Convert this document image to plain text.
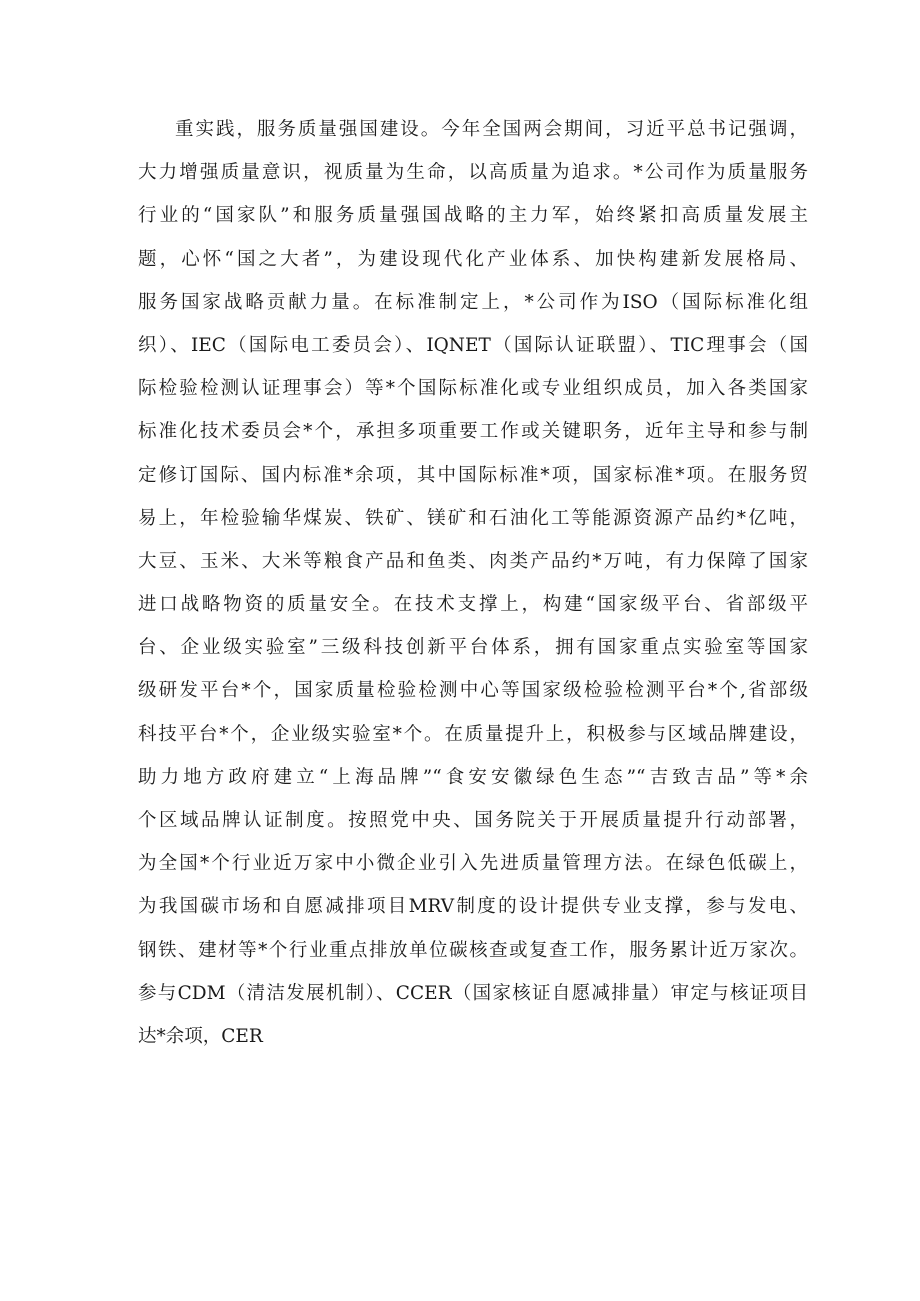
重实践，服务质量强国建设。今年全国两会期间，习近平总书记强调，
大力增强质量意识，视质量为生命，以高质量为追求。*公司作为质量服务
行业的“国家队”和服务质量强国战略的主力军，始终紧扣高质量发展主
题，心怀“国之大者”，为建设现代化产业体系、加快构建新发展格局、
服务国家战略贡献力量。在标准制定上，*公司作为ISO（国际标准化组
织）、IEC（国际电工委员会）、IQNET（国际认证联盟）、TIC理事会（国
际检验检测认证理事会）等*个国际标准化或专业组织成员，加入各类国家
标准化技术委员会*个，承担多项重要工作或关键职务，近年主导和参与制
定修订国际、国内标准*余项，其中国际标准*项，国家标准*项。在服务贸
易上，年检验输华煤炭、铁矿、镁矿和石油化工等能源资源产品约*亿吨，
大豆、玉米、大米等粮食产品和鱼类、肉类产品约*万吨，有力保障了国家
进口战略物资的质量安全。在技术支撑上，构建“国家级平台、省部级平
台、企业级实验室”三级科技创新平台体系，拥有国家重点实验室等国家
级研发平台*个，国家质量检验检测中心等国家级检验检测平台*个,省部级
科技平台*个，企业级实验室*个。在质量提升上，积极参与区域品牌建设，
助力地方政府建立“上海品牌”“食安安徽绿色生态”“吉致吉品”等*余
个区域品牌认证制度。按照党中央、国务院关于开展质量提升行动部署，
为全国*个行业近万家中小微企业引入先进质量管理方法。在绿色低碳上，
为我国碳市场和自愿减排项目MRV制度的设计提供专业支撑，参与发电、
钢铁、建材等*个行业重点排放单位碳核查或复查工作，服务累计近万家次。
参与CDM（清洁发展机制）、CCER（国家核证自愿减排量）审定与核证项目
达*余项，CER
